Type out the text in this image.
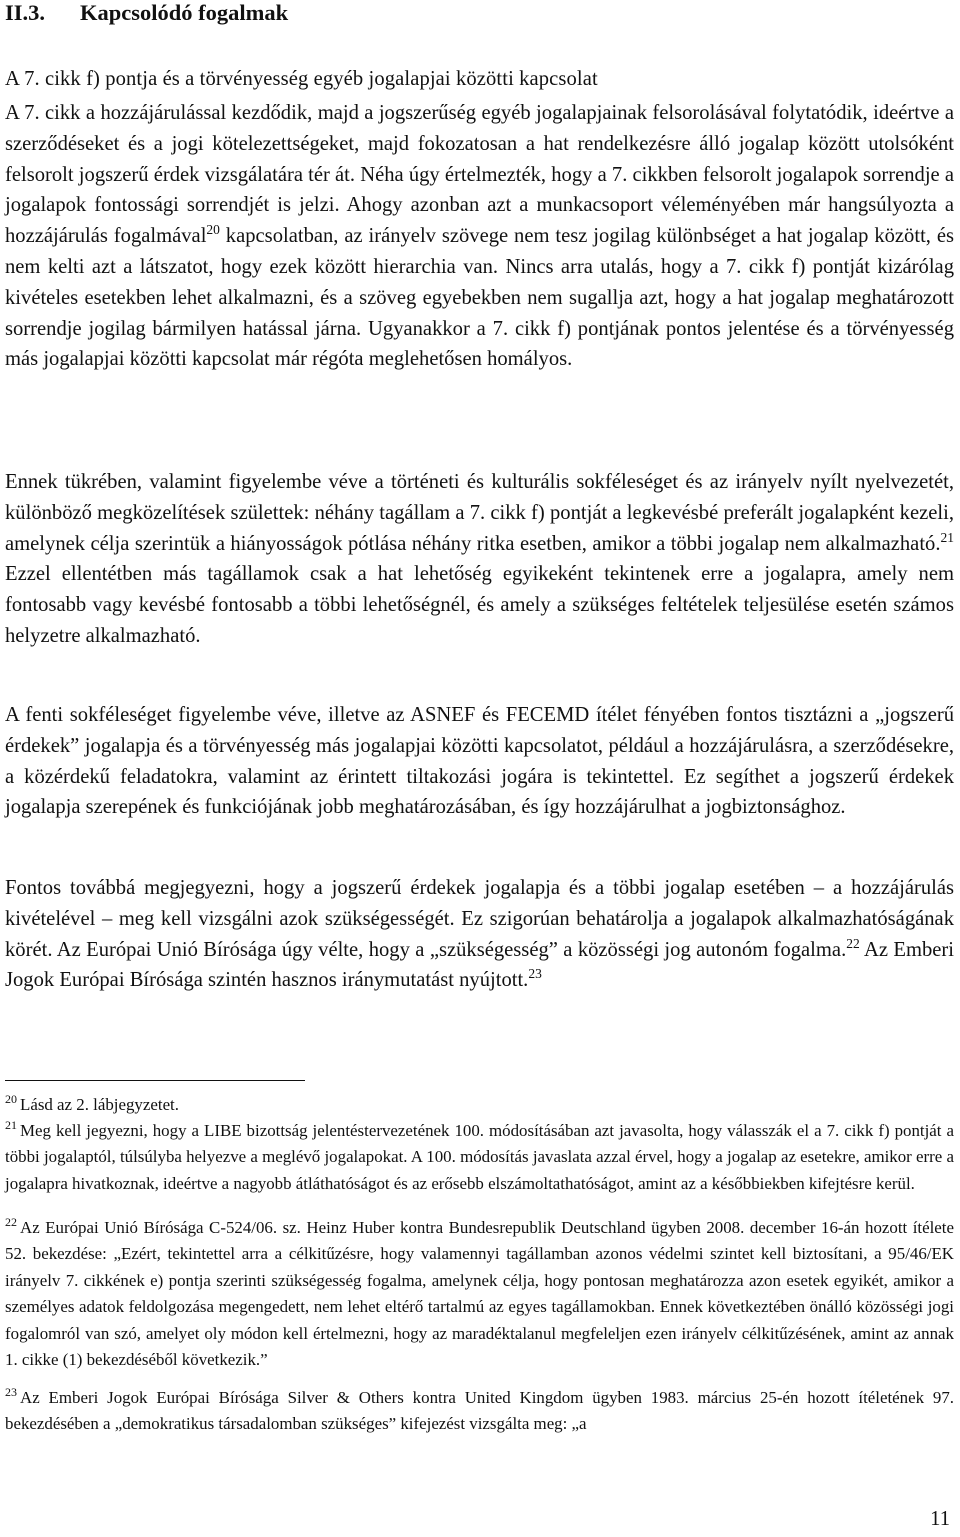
II.3. Kapcsolódó fogalmak
A 7. cikk f) pontja és a törvényesség egyéb jogalapjai közötti kapcsolat

A 7. cikk a hozzájárulással kezdődik, majd a jogszerűség egyéb jogalapjainak felsorolásával folytatódik, ideértve a szerződéseket és a jogi kötelezettségeket, majd fokozatosan a hat rendelkezésre álló jogalap között utolsóként felsorolt jogszerű érdek vizsgálatára tér át. Néha úgy értelmezték, hogy a 7. cikkben felsorolt jogalapok sorrendje a jogalapok fontossági sorrendjét is jelzi. Ahogy azonban azt a munkacsoport véleményében már hangsúlyozta a hozzájárulás fogalmával$^{20}$ kapcsolatban, az irányelv szövege nem tesz jogilag különbséget a hat jogalap között, és nem kelti azt a látszatot, hogy ezek között hierarchia van. Nincs arra utalás, hogy a 7. cikk f) pontját kizárólag kivételes esetekben lehet alkalmazni, és a szöveg egyebekben nem sugallja azt, hogy a hat jogalap meghatározott sorrendje jogilag bármilyen hatással járna. Ugyanakkor a 7. cikk f) pontjának pontos jelentése és a törvényesség más jogalapjai közötti kapcsolat már régóta meglehetősen homályos.

Ennek tükrében, valamint figyelembe véve a történeti és kulturális sokféleséget és az irányelv nyílt nyelvezetét, különböző megközelítések születtek: néhány tagállam a 7. cikk f) pontját a legkevésbé preferált jogalapként kezeli, amelynek célja szerintük a hiányosságok pótlása néhány ritka esetben, amikor a többi jogalap nem alkalmazható.$^{21}$ Ezzel ellentétben más tagállamok csak a hat lehetőség egyikeként tekintenek erre a jogalapra, amely nem fontosabb vagy kevésbé fontosabb a többi lehetőségnél, és amely a szükséges feltételek teljesülése esetén számos helyzetre alkalmazható.

A fenti sokféleséget figyelembe véve, illetve az ASNEF és FECEMD ítélet fényében fontos tisztázni a „jogszerű érdekek” jogalapja és a törvényesség más jogalapjai közötti kapcsolatot, például a hozzájárulásra, a szerződésekre, a közérdekű feladatokra, valamint az érintett tiltakozási jogára is tekintettel. Ez segíthet a jogszerű érdekek jogalapja szerepének és funkciójának jobb meghatározásában, és így hozzájárulhat a jogbiztonsághoz.

Fontos továbbá megjegyezni, hogy a jogszerű érdekek jogalapja és a többi jogalap esetében – a hozzájárulás kivételével – meg kell vizsgálni azok szükségességét. Ez szigorúan behatárolja a jogalapok alkalmazhatóságának körét. Az Európai Unió Bírósága úgy vélte, hogy a „szükségesség” a közösségi jog autonóm fogalma.$^{22}$ Az Emberi Jogok Európai Bírósága szintén hasznos iránymutatást nyújtott.$^{23}$

$^{20}$ Lásd az 2. lábjegyzetet.

$^{21}$ Meg kell jegyezni, hogy a LIBE bizottság jelentéstervezetének 100. módosításában azt javasolta, hogy válasszák el a 7. cikk f) pontját a többi jogalaptól, túlsúlyba helyezve a meglévő jogalapokat. A 100. módosítás javaslata azzal érvel, hogy a jogalap az esetekre, amikor erre a jogalapra hivatkoznak, ideértve a nagyobb átláthatóságot és az erősebb elszámoltathatóságot, amint az a későbbiekben kifejtésre kerül.

$^{22}$ Az Európai Unió Bírósága C-524/06. sz. Heinz Huber kontra Bundesrepublik Deutschland ügyben 2008. december 16-án hozott ítélete 52. bekezdése: „Ezért, tekintettel arra a célkitűzésre, hogy valamennyi tagállamban azonos védelmi szintet kell biztosítani, a 95/46/EK irányelv 7. cikkének e) pontja szerinti szükségesség fogalma, amelynek célja, hogy pontosan meghatározza azon esetek egyikét, amikor a személyes adatok feldolgozása megengedett, nem lehet eltérő tartalmú az egyes tagállamokban. Ennek következtében önálló közösségi jogi fogalomról van szó, amelyet oly módon kell értelmezni, hogy az maradéktalanul megfeleljen ezen irányelv célkitűzésének, amint az annak 1. cikke (1) bekezdéséből következik.”

$^{23}$ Az Emberi Jogok Európai Bírósága Silver & Others kontra United Kingdom ügyben 1983. március 25-én hozott ítéletének 97. bekezdésében a „demokratikus társadalomban szükséges” kifejezést vizsgálta meg: „a

11
